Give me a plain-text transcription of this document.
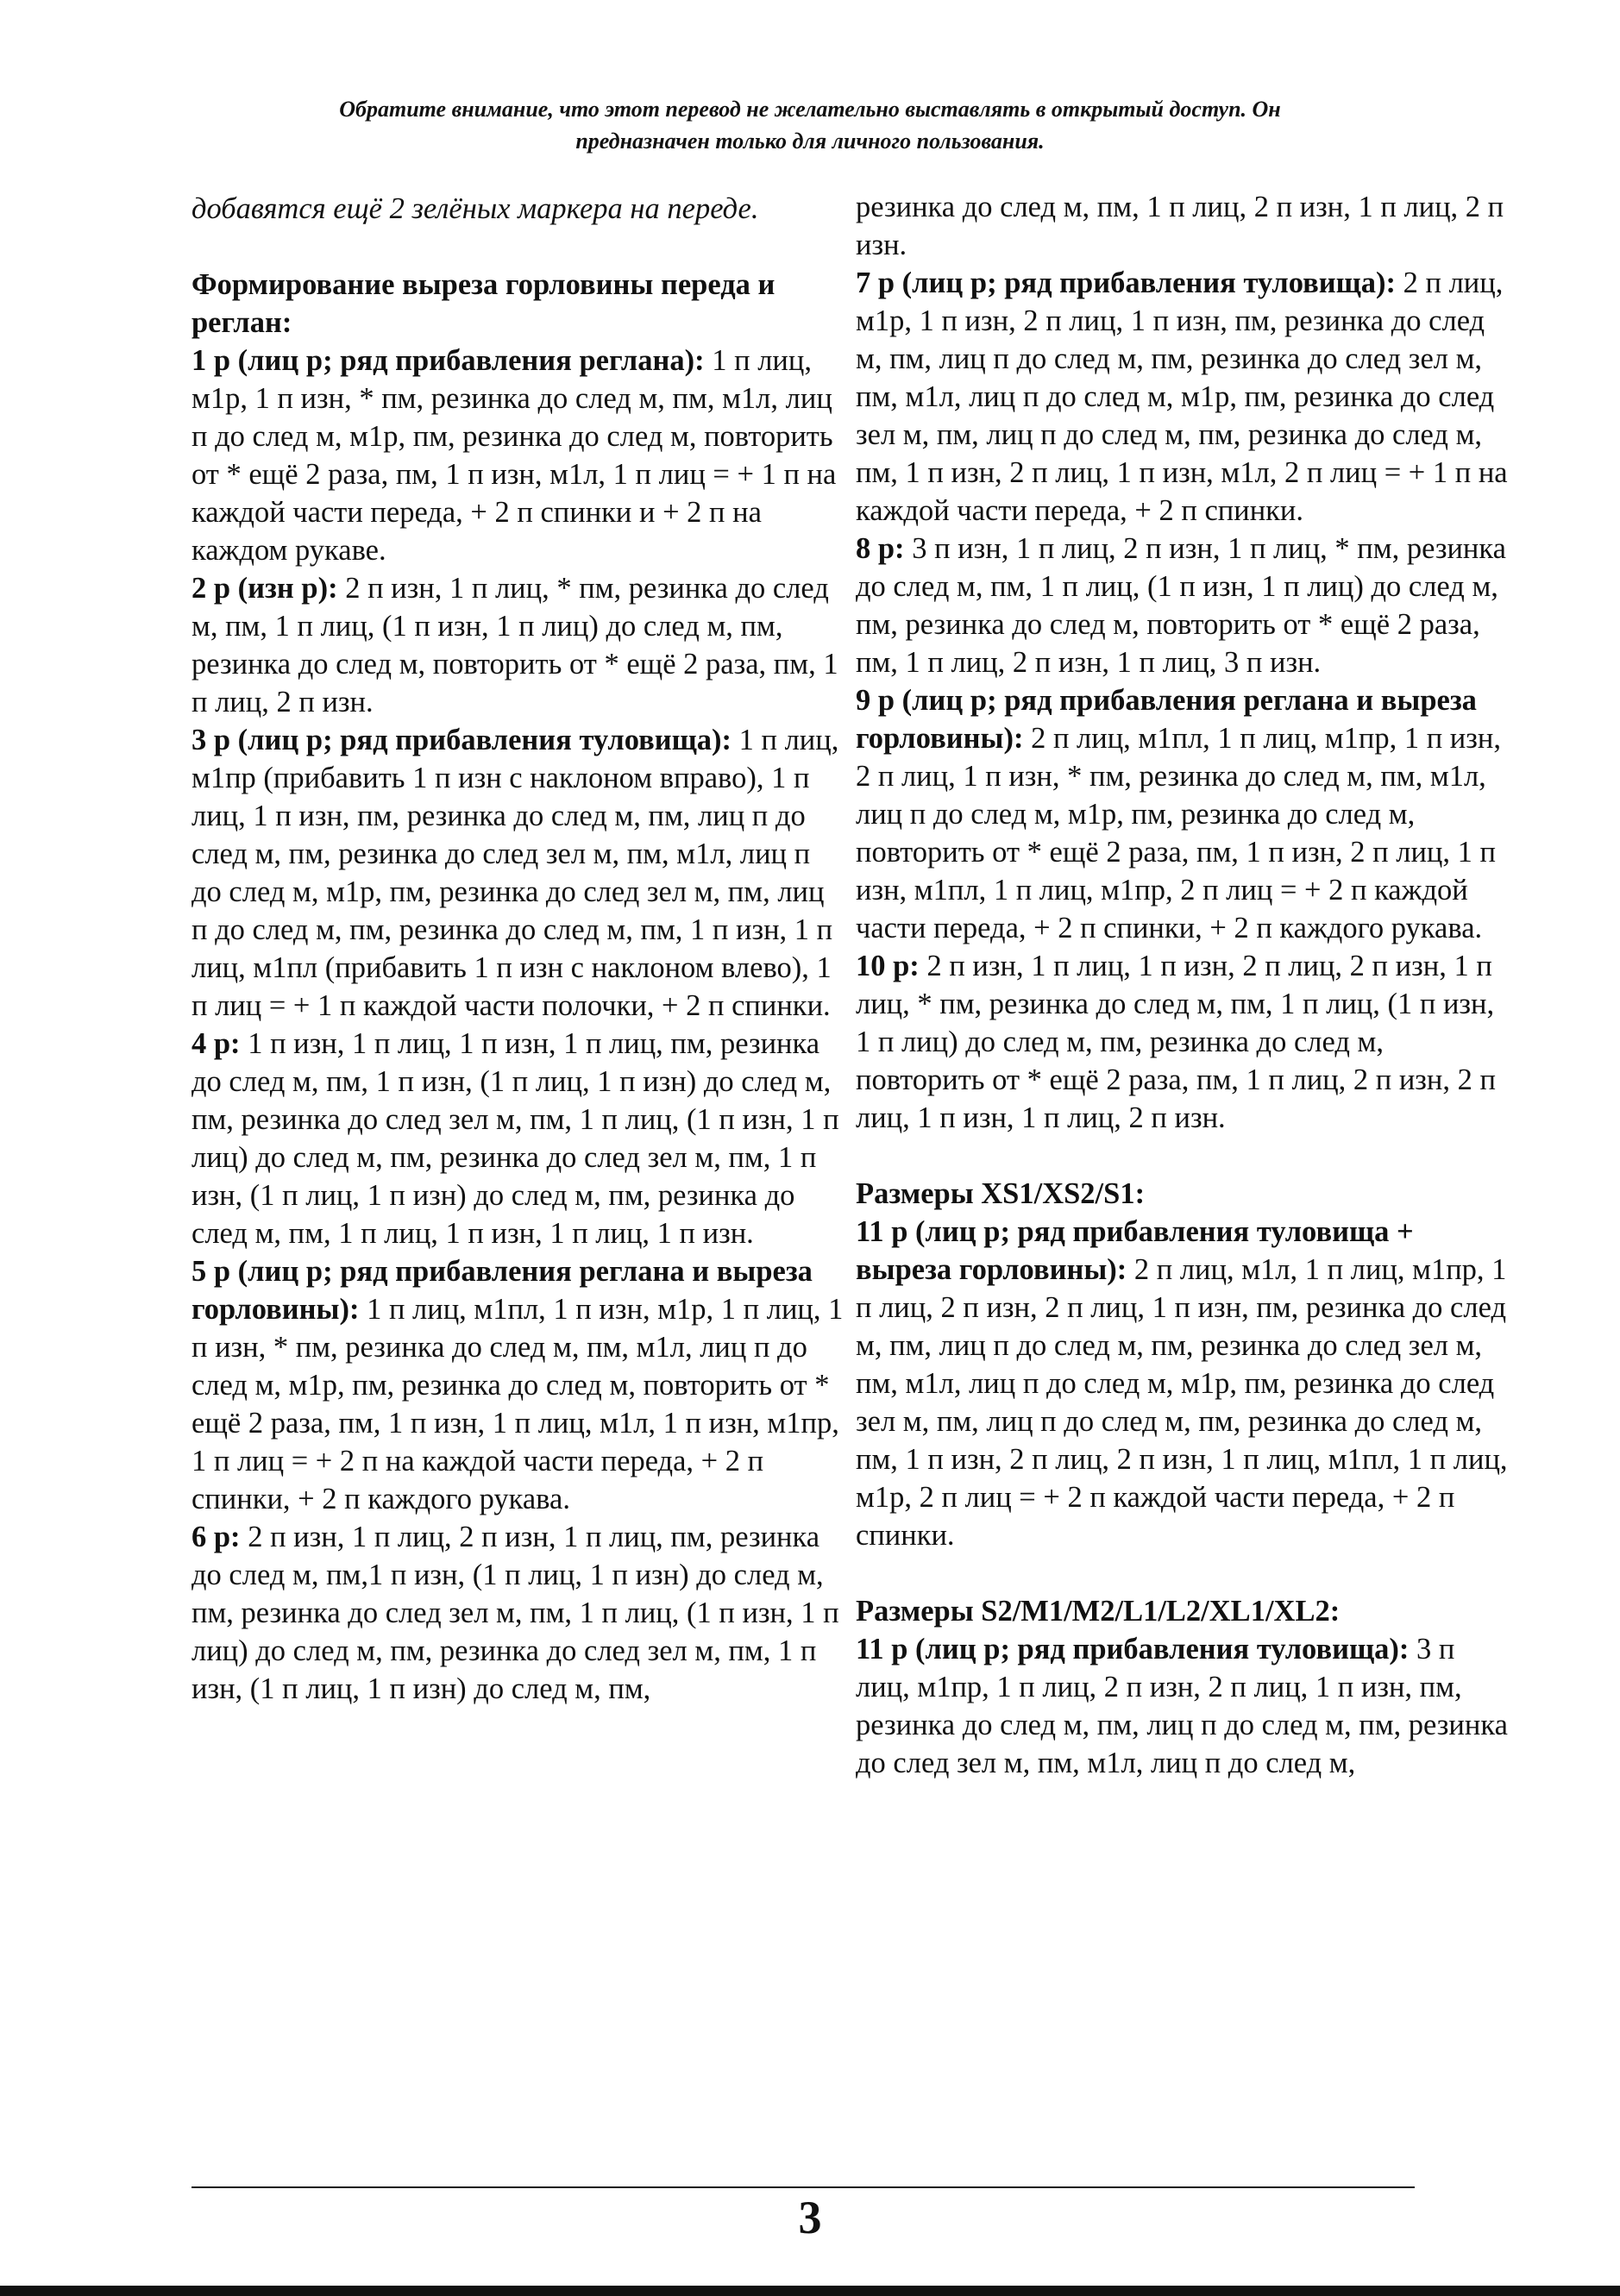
Обратите внимание, что этот перевод не желательно выставлять в открытый доступ. Он
предназначен только для личного пользования.

добавятся ещё 2 зелёных маркера на переде.

Формирование выреза горловины переда и реглан:

1 р (лиц р; ряд прибавления реглана): 1 п лиц, м1р, 1 п изн, * пм, резинка до след м, пм, м1л, лиц п до след м, м1р, пм, резинка до след м, повторить от * ещё 2 раза, пм, 1 п изн, м1л, 1 п лиц = + 1 п на каждой части переда, + 2 п спинки и + 2 п на каждом рукаве.

2 р (изн р): 2 п изн, 1 п лиц, * пм, резинка до след м, пм, 1 п лиц, (1 п изн, 1 п лиц) до след м, пм, резинка до след м, повторить от * ещё 2 раза, пм, 1 п лиц, 2 п изн.

3 р (лиц р; ряд прибавления туловища): 1 п лиц, м1пр (прибавить 1 п изн с наклоном вправо), 1 п лиц, 1 п изн, пм, резинка до след м, пм, лиц п до след м, пм, резинка до след зел м, пм, м1л, лиц п до след м, м1р, пм, резинка до след зел м, пм, лиц п до след м, пм, резинка до след м, пм, 1 п изн, 1 п лиц, м1пл (прибавить 1 п изн с наклоном влево), 1 п лиц = + 1 п каждой части полочки, + 2 п спинки.

4 р: 1 п изн, 1 п лиц, 1 п изн, 1 п лиц, пм, резинка до след м, пм, 1 п изн, (1 п лиц, 1 п изн) до след м, пм, резинка до след зел м, пм, 1 п лиц, (1 п изн, 1 п лиц) до след м, пм, резинка до след зел м, пм, 1 п изн, (1 п лиц, 1 п изн) до след м, пм, резинка до след м, пм, 1 п лиц, 1 п изн, 1 п лиц, 1 п изн.

5 р (лиц р; ряд прибавления реглана и выреза горловины): 1 п лиц, м1пл, 1 п изн, м1р, 1 п лиц, 1 п изн, * пм, резинка до след м, пм, м1л, лиц п до след м, м1р, пм, резинка до след м, повторить от * ещё 2 раза, пм, 1 п изн, 1 п лиц, м1л, 1 п изн, м1пр, 1 п лиц = + 2 п на каждой части переда, + 2 п спинки, + 2 п каждого рукава.

6 р: 2 п изн, 1 п лиц, 2 п изн, 1 п лиц, пм, резинка до след м, пм,1 п изн, (1 п лиц, 1 п изн) до след м, пм, резинка до след зел м, пм, 1 п лиц, (1 п изн, 1 п лиц) до след м, пм, резинка до след зел м, пм, 1 п изн, (1 п лиц, 1 п изн) до след м, пм,

резинка до след м, пм, 1 п лиц, 2 п изн, 1 п лиц, 2 п изн.

7 р (лиц р; ряд прибавления туловища): 2 п лиц, м1р, 1 п изн, 2 п лиц, 1 п изн, пм, резинка до след м, пм, лиц п до след м, пм, резинка до след зел м, пм, м1л, лиц п до след м, м1р, пм, резинка до след зел м, пм, лиц п до след м, пм, резинка до след м, пм, 1 п изн, 2 п лиц, 1 п изн, м1л, 2 п лиц = + 1 п на каждой части переда, + 2 п спинки.

8 р: 3 п изн, 1 п лиц, 2 п изн, 1 п лиц, * пм, резинка до след м, пм, 1 п лиц, (1 п изн, 1 п лиц) до след м, пм, резинка до след м, повторить от * ещё 2 раза, пм, 1 п лиц, 2 п изн, 1 п лиц, 3 п изн.

9 р (лиц р; ряд прибавления реглана и выреза горловины): 2 п лиц, м1пл, 1 п лиц, м1пр, 1 п изн, 2 п лиц, 1 п изн, * пм, резинка до след м, пм, м1л, лиц п до след м, м1р, пм, резинка до след м, повторить от * ещё 2 раза, пм, 1 п изн, 2 п лиц, 1 п изн, м1пл, 1 п лиц, м1пр, 2 п лиц = + 2 п каждой части переда, + 2 п спинки, + 2 п каждого рукава.

10 р: 2 п изн, 1 п лиц, 1 п изн, 2 п лиц, 2 п изн, 1 п лиц, * пм, резинка до след м, пм, 1 п лиц, (1 п изн, 1 п лиц) до след м, пм, резинка до след м, повторить от * ещё 2 раза, пм, 1 п лиц, 2 п изн, 2 п лиц, 1 п изн, 1 п лиц, 2 п изн.

Размеры XS1/XS2/S1:

11 р (лиц р; ряд прибавления туловища + выреза горловины): 2 п лиц, м1л, 1 п лиц, м1пр, 1 п лиц, 2 п изн, 2 п лиц, 1 п изн, пм, резинка до след м, пм, лиц п до след м, пм, резинка до след зел м, пм, м1л, лиц п до след м, м1р, пм, резинка до след зел м, пм, лиц п до след м, пм, резинка до след м, пм, 1 п изн, 2 п лиц, 2 п изн, 1 п лиц, м1пл, 1 п лиц, м1р, 2 п лиц = + 2 п каждой части переда, + 2 п спинки.

Размеры S2/M1/M2/L1/L2/XL1/XL2:

11 р (лиц р; ряд прибавления туловища): 3 п лиц, м1пр, 1 п лиц, 2 п изн, 2 п лиц, 1 п изн, пм, резинка до след м, пм, лиц п до след м, пм, резинка до след зел м, пм, м1л, лиц п до след м,

3
